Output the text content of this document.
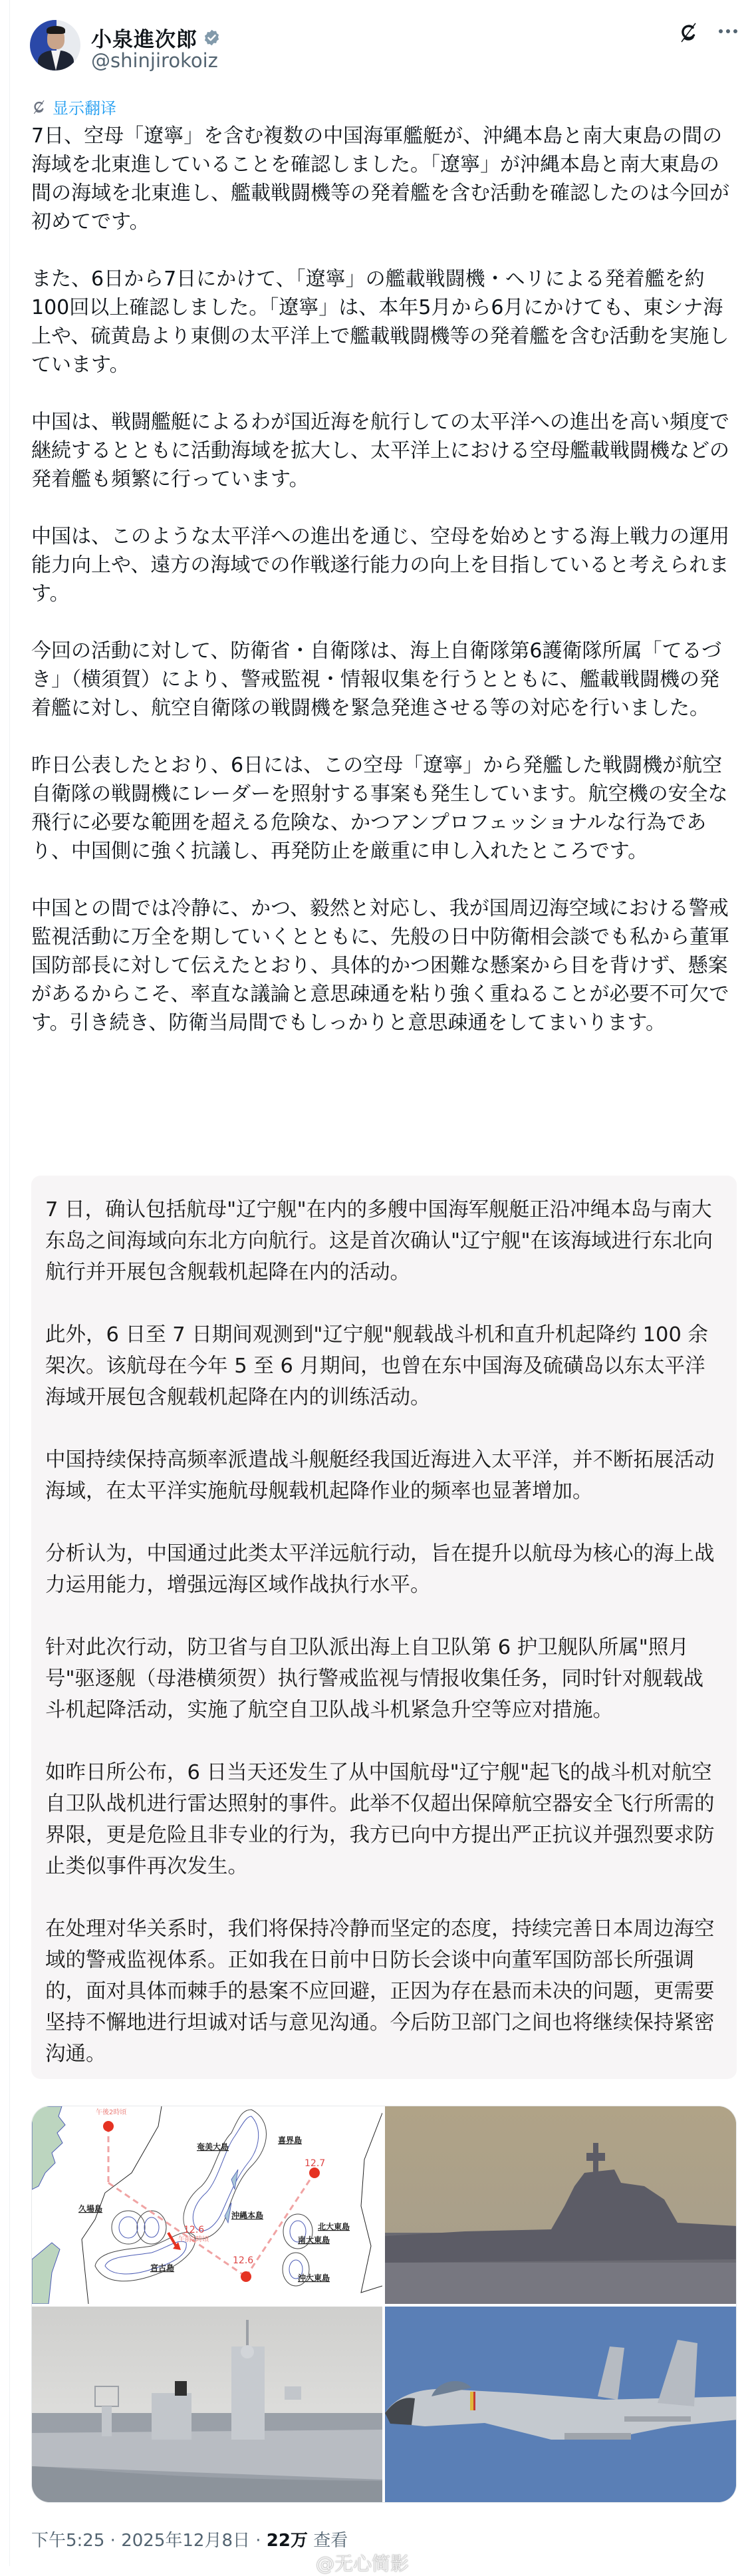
小泉進次郎
@shinjirokoiz
显示翻译

7日、空母「遼寧」を含む複数の中国海軍艦艇が、沖縄本島と南大東島の間の海域を北東進していることを確認しました。「遼寧」が沖縄本島と南大東島の間の海域を北東進し、艦載戦闘機等の発着艦を含む活動を確認したのは今回が初めてです。

また、6日から7日にかけて、「遼寧」の艦載戦闘機・ヘリによる発着艦を約100回以上確認しました。「遼寧」は、本年5月から6月にかけても、東シナ海上や、硫黄島より東側の太平洋上で艦載戦闘機等の発着艦を含む活動を実施しています。

中国は、戦闘艦艇によるわが国近海を航行しての太平洋への進出を高い頻度で継続するとともに活動海域を拡大し、太平洋上における空母艦載戦闘機などの発着艦も頻繁に行っています。

中国は、このような太平洋への進出を通じ、空母を始めとする海上戦力の運用能力向上や、遠方の海域での作戦遂行能力の向上を目指していると考えられます。

今回の活動に対して、防衛省・自衛隊は、海上自衛隊第6護衛隊所属「てるづき」（横須賀）により、警戒監視・情報収集を行うとともに、艦載戦闘機の発着艦に対し、航空自衛隊の戦闘機を緊急発進させる等の対応を行いました。

昨日公表したとおり、6日には、この空母「遼寧」から発艦した戦闘機が航空自衛隊の戦闘機にレーダーを照射する事案も発生しています。航空機の安全な飛行に必要な範囲を超える危険な、かつアンプロフェッショナルな行為であり、中国側に強く抗議し、再発防止を厳重に申し入れたところです。

中国との間では冷静に、かつ、毅然と対応し、我が国周辺海空域における警戒監視活動に万全を期していくとともに、先般の日中防衛相会談でも私から董軍国防部長に対して伝えたとおり、具体的かつ困難な懸案から目を背けず、懸案があるからこそ、率直な議論と意思疎通を粘り強く重ねることが必要不可欠です。引き続き、防衛当局間でもしっかりと意思疎通をしてまいります。

7 日，确认包括航母"辽宁舰"在内的多艘中国海军舰艇正沿冲绳本岛与南大东岛之间海域向东北方向航行。这是首次确认"辽宁舰"在该海域进行东北向航行并开展包含舰载机起降在内的活动。

此外，6 日至 7 日期间观测到"辽宁舰"舰载战斗机和直升机起降约 100 余架次。该航母在今年 5 至 6 月期间，也曾在东中国海及硫磺岛以东太平洋海域开展包含舰载机起降在内的训练活动。

中国持续保持高频率派遣战斗舰艇经我国近海进入太平洋，并不断拓展活动海域，在太平洋实施航母舰载机起降作业的频率也显著增加。

分析认为，中国通过此类太平洋远航行动，旨在提升以航母为核心的海上战力运用能力，增强远海区域作战执行水平。

针对此次行动，防卫省与自卫队派出海上自卫队第 6 护卫舰队所属"照月号"驱逐舰（母港横须贺）执行警戒监视与情报收集任务，同时针对舰载战斗机起降活动，实施了航空自卫队战斗机紧急升空等应对措施。

如昨日所公布，6 日当天还发生了从中国航母"辽宁舰"起飞的战斗机对航空自卫队战机进行雷达照射的事件。此举不仅超出保障航空器安全飞行所需的界限，更是危险且非专业的行为，我方已向中方提出严正抗议并强烈要求防止类似事件再次发生。

在处理对华关系时，我们将保持冷静而坚定的态度，持续完善日本周边海空域的警戒监视体系。正如我在日前中日防长会谈中向董军国防部长所强调的，面对具体而棘手的悬案不应回避，正因为存在悬而未决的问题，更需要坚持不懈地进行坦诚对话与意见沟通。今后防卫部门之间也将继续保持紧密沟通。

午後2時頃
午前2時頃
12.7
12.6
12.6
奄美大島
喜界島
久場島
沖縄本島
北大東島
南大東島
宮古島
沖大東島
下午5:25 · 2025年12月8日 · 22万 查看
@无心简影
